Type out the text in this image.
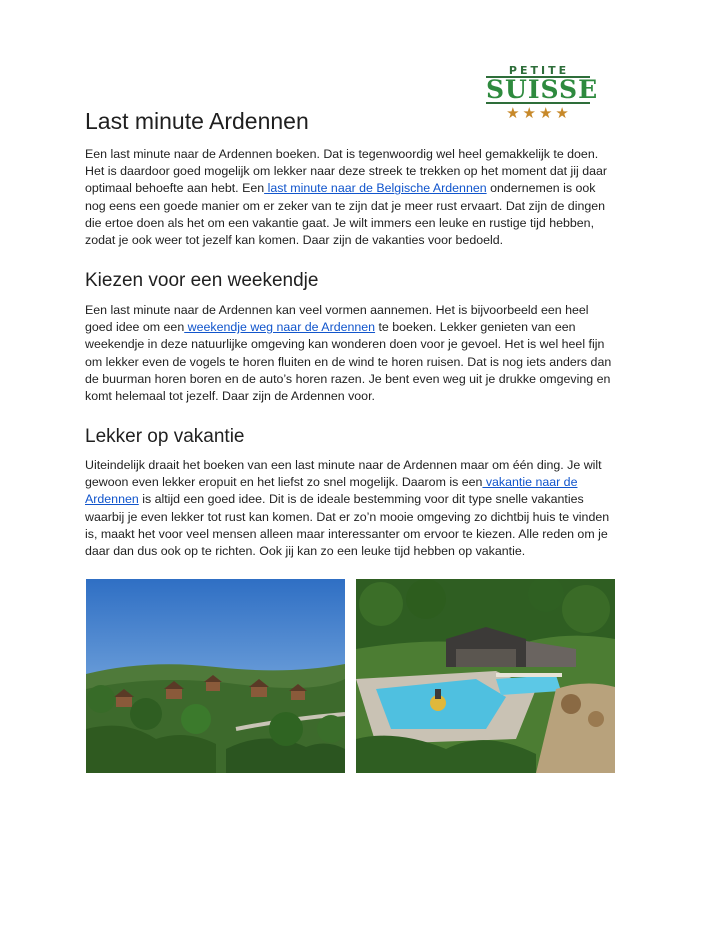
PETITE
SUISSE
★★★★
Last minute Ardennen

Een last minute naar de Ardennen boeken. Dat is tegenwoordig wel heel gemakkelijk te doen.
Het is daardoor goed mogelijk om lekker naar deze streek te trekken op het moment dat jij daar
optimaal behoefte aan hebt. Een last minute naar de Belgische Ardennen ondernemen is ook
nog eens een goede manier om er zeker van te zijn dat je meer rust ervaart. Dat zijn de dingen
die ertoe doen als het om een vakantie gaat. Je wilt immers een leuke en rustige tijd hebben,
zodat je ook weer tot jezelf kan komen. Daar zijn de vakanties voor bedoeld.

Kiezen voor een weekendje

Een last minute naar de Ardennen kan veel vormen aannemen. Het is bijvoorbeeld een heel
goed idee om een weekendje weg naar de Ardennen te boeken. Lekker genieten van een
weekendje in deze natuurlijke omgeving kan wonderen doen voor je gevoel. Het is wel heel fijn
om lekker even de vogels te horen fluiten en de wind te horen ruisen. Dat is nog iets anders dan
de buurman horen boren en de auto’s horen razen. Je bent even weg uit je drukke omgeving en
komt helemaal tot jezelf. Daar zijn de Ardennen voor.

Lekker op vakantie

Uiteindelijk draait het boeken van een last minute naar de Ardennen maar om één ding. Je wilt
gewoon even lekker eropuit en het liefst zo snel mogelijk. Daarom is een vakantie naar de
Ardennen is altijd een goed idee. Dit is de ideale bestemming voor dit type snelle vakanties
waarbij je even lekker tot rust kan komen. Dat er zo’n mooie omgeving zo dichtbij huis te vinden
is, maakt het voor veel mensen alleen maar interessanter om ervoor te kiezen. Alle reden om je
daar dan dus ook op te richten. Ook jij kan zo een leuke tijd hebben op vakantie.
